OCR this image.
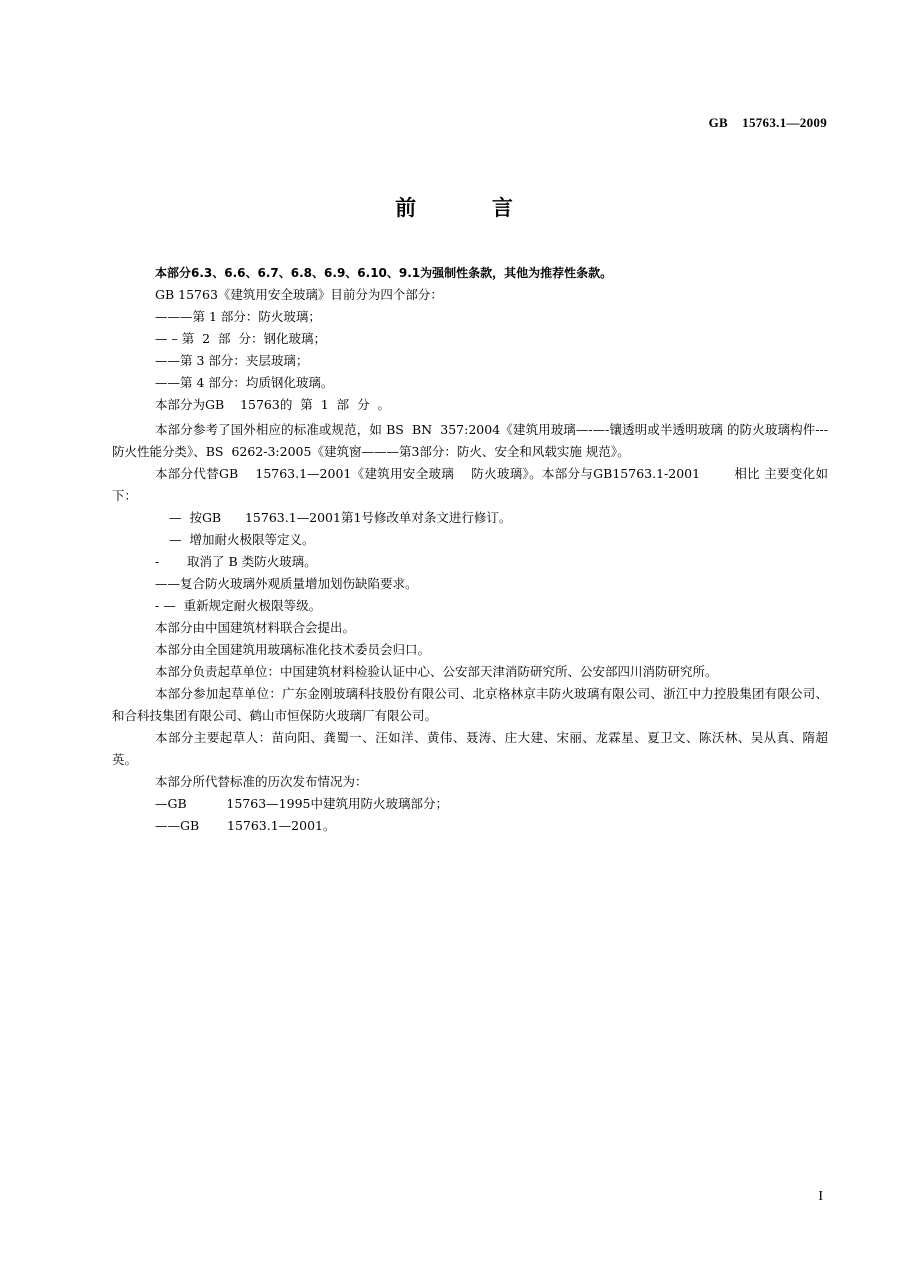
GB    15763.1—2009
前         言

本部分6.3、6.6、6.7、6.8、6.9、6.10、9.1为强制性条款，其他为推荐性条款。

GB 15763《建筑用安全玻璃》目前分为四个部分：

———第 1 部分：防火玻璃；

— – 第  2  部  分：钢化玻璃；

——第 3 部分：夹层玻璃；

——第 4 部分：均质钢化玻璃。

本部分为GB    15763的  第  1  部  分  。

本部分参考了国外相应的标准或规范，如 BS  BN  357:2004《建筑用玻璃—-—-镶透明或半透明玻璃 的防火玻璃构件---防火性能分类》、BS  6262-3:2005《建筑窗———第3部分：防火、安全和风载实施 规范》。

本部分代替GB    15763.1—2001《建筑用安全玻璃    防火玻璃》。本部分与GB15763.1-2001        相比 主要变化如下：

—  按GB      15763.1—2001第1号修改单对条文进行修订。

—  增加耐火极限等定义。

-       取消了 B 类防火玻璃。

——复合防火玻璃外观质量增加划伤缺陷要求。

- —  重新规定耐火极限等级。

本部分由中国建筑材料联合会提出。

本部分由全国建筑用玻璃标准化技术委员会归口。

本部分负责起草单位：中国建筑材料检验认证中心、公安部天津消防研究所、公安部四川消防研究所。

本部分参加起草单位：广东金刚玻璃科技股份有限公司、北京格林京丰防火玻璃有限公司、浙江中力控股集团有限公司、和合科技集团有限公司、鹤山市恒保防火玻璃厂有限公司。

本部分主要起草人：苗向阳、龚蜀一、汪如洋、黄伟、聂涛、庄大建、宋丽、龙霖星、夏卫文、陈沃林、吴从真、隋超英。

本部分所代替标准的历次发布情况为：

—GB          15763—1995中建筑用防火玻璃部分；

——GB       15763.1—2001。

I
